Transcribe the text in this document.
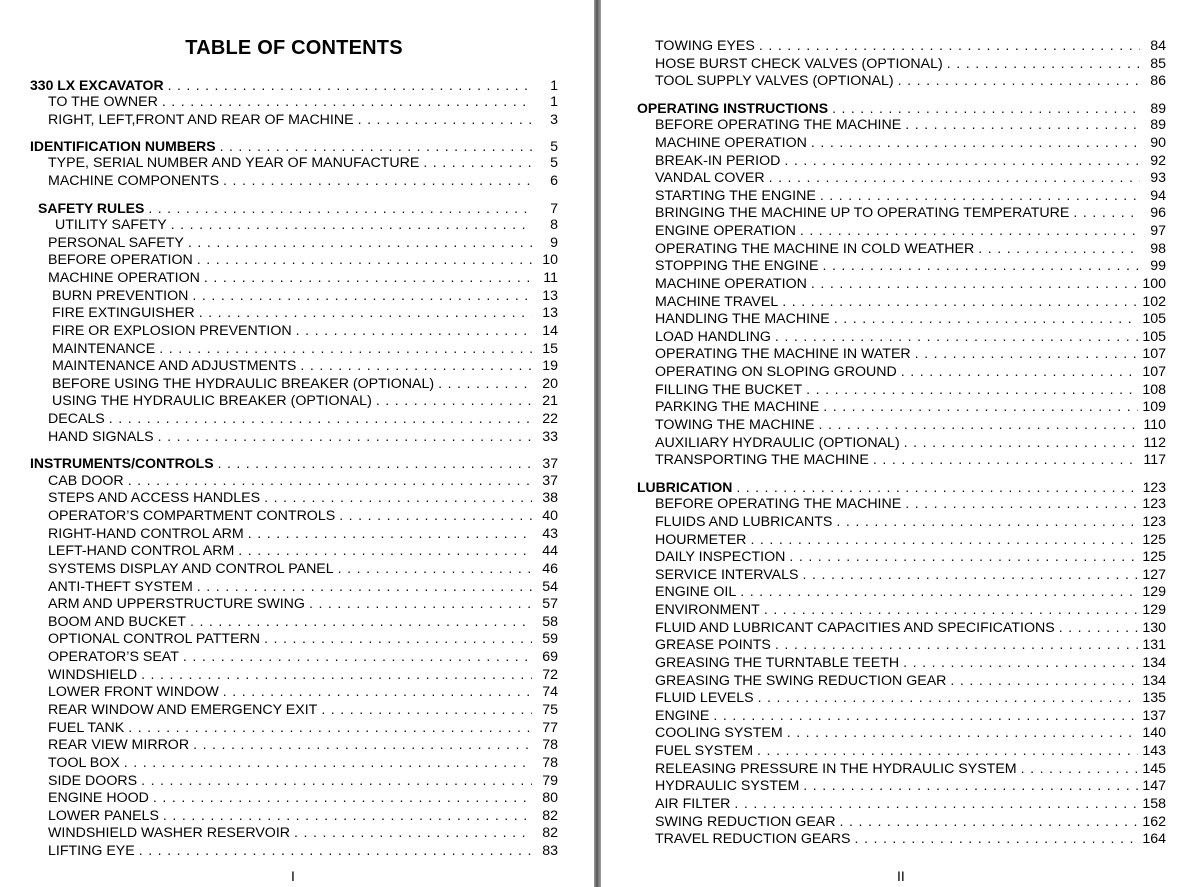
TABLE OF CONTENTS
330 LX EXCAVATOR . . .	1
TO THE OWNER . . .	1
RIGHT, LEFT,FRONT AND REAR OF MACHINE . . .	3
IDENTIFICATION NUMBERS . . .	5
TYPE, SERIAL NUMBER AND YEAR OF MANUFACTURE . . .	5
MACHINE COMPONENTS . . .	6
SAFETY RULES . . .	7
UTILITY SAFETY . . .	8
PERSONAL SAFETY . . .	9
BEFORE OPERATION . . .	10
MACHINE OPERATION . . .	11
BURN PREVENTION . . .	13
FIRE EXTINGUISHER . . .	13
FIRE OR EXPLOSION PREVENTION . . .	14
MAINTENANCE . . .	15
MAINTENANCE AND ADJUSTMENTS . . .	19
BEFORE USING THE HYDRAULIC BREAKER (OPTIONAL) . . .	20
USING THE HYDRAULIC BREAKER (OPTIONAL) . . .	21
DECALS . . .	22
HAND SIGNALS . . .	33
INSTRUMENTS/CONTROLS . . .	37
CAB DOOR . . .	37
STEPS AND ACCESS HANDLES . . .	38
OPERATOR’S COMPARTMENT CONTROLS . . .	40
RIGHT-HAND CONTROL ARM . . .	43
LEFT-HAND CONTROL ARM . . .	44
SYSTEMS DISPLAY AND CONTROL PANEL . . .	46
ANTI-THEFT SYSTEM . . .	54
ARM AND UPPERSTRUCTURE SWING . . .	57
BOOM AND BUCKET . . .	58
OPTIONAL CONTROL PATTERN . . .	59
OPERATOR’S SEAT . . .	69
WINDSHIELD . . .	72
LOWER FRONT WINDOW . . .	74
REAR WINDOW AND EMERGENCY EXIT . . .	75
FUEL TANK . . .	77
REAR VIEW MIRROR . . .	78
TOOL BOX . . .	78
SIDE DOORS . . .	79
ENGINE HOOD . . .	80
LOWER PANELS . . .	82
WINDSHIELD WASHER RESERVOIR . . .	82
LIFTING EYE . . .	83
I
TOWING EYES . . .	84
HOSE BURST CHECK VALVES (OPTIONAL) . . .	85
TOOL SUPPLY VALVES (OPTIONAL) . . .	86
OPERATING INSTRUCTIONS . . .	89
BEFORE OPERATING THE MACHINE . . .	89
MACHINE OPERATION . . .	90
BREAK-IN PERIOD . . .	92
VANDAL COVER . . .	93
STARTING THE ENGINE . . .	94
BRINGING THE MACHINE UP TO OPERATING TEMPERATURE . . .	96
ENGINE OPERATION . . .	97
OPERATING THE MACHINE IN COLD WEATHER . . .	98
STOPPING THE ENGINE . . .	99
MACHINE OPERATION . . .	100
MACHINE TRAVEL . . .	102
HANDLING THE MACHINE . . .	105
LOAD HANDLING . . .	105
OPERATING THE MACHINE IN WATER . . .	107
OPERATING ON SLOPING GROUND . . .	107
FILLING THE BUCKET . . .	108
PARKING THE MACHINE . . .	109
TOWING THE MACHINE . . .	110
AUXILIARY HYDRAULIC (OPTIONAL) . . .	112
TRANSPORTING THE MACHINE . . .	117
LUBRICATION . . .	123
BEFORE OPERATING THE MACHINE . . .	123
FLUIDS AND LUBRICANTS . . .	123
HOURMETER . . .	125
DAILY INSPECTION . . .	125
SERVICE INTERVALS . . .	127
ENGINE OIL . . .	129
ENVIRONMENT . . .	129
FLUID AND LUBRICANT CAPACITIES AND SPECIFICATIONS . . .	130
GREASE POINTS . . .	131
GREASING THE TURNTABLE TEETH . . .	134
GREASING THE SWING REDUCTION GEAR . . .	134
FLUID LEVELS . . .	135
ENGINE . . .	137
COOLING SYSTEM . . .	140
FUEL SYSTEM . . .	143
RELEASING PRESSURE IN THE HYDRAULIC SYSTEM . . .	145
HYDRAULIC SYSTEM . . .	147
AIR FILTER . . .	158
SWING REDUCTION GEAR . . .	162
TRAVEL REDUCTION GEARS . . .	164
II
